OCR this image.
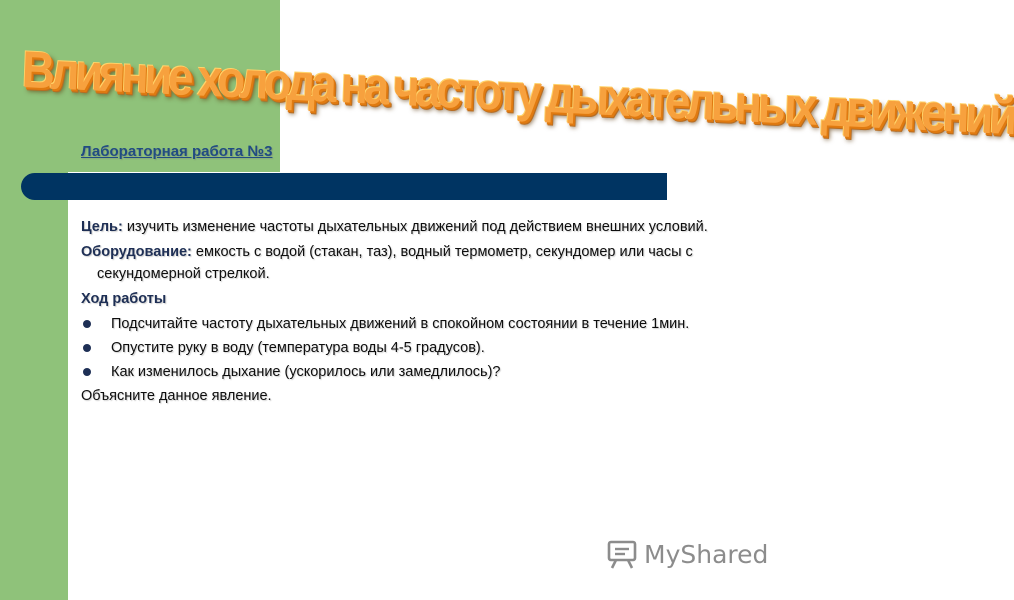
Влияние холода на частоту дыхательных движений
Лабораторная работа №3

Цель: изучить изменение частоты дыхательных движений под действием внешних условий.

Оборудование: емкость с водой (стакан, таз), водный термометр, секундомер или часы с секундомерной стрелкой.

Ход работы

Подсчитайте частоту дыхательных движений в спокойном состоянии в течение 1мин.
Опустите руку в воду (температура воды 4-5 градусов).
Как изменилось дыхание (ускорилось или замедлилось)?

Объясните данное явление.

MyShared
